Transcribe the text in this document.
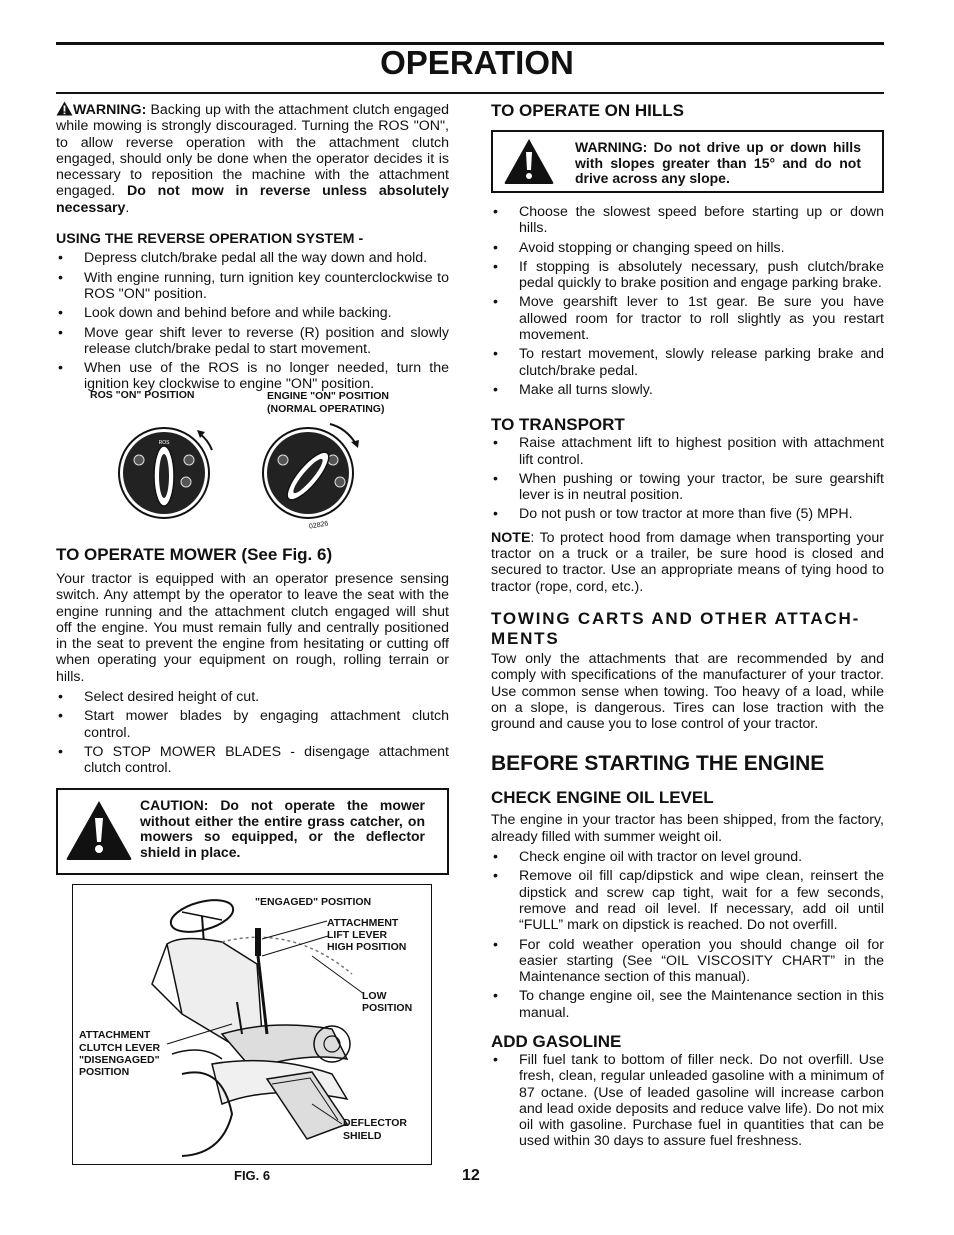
OPERATION

WARNING: Backing up with the attachment clutch engaged while mowing is strongly discouraged. Turning the ROS "ON", to allow reverse operation with the attachment clutch engaged, should only be done when the operator decides it is necessary to reposition the machine with the attachment engaged. Do not mow in reverse unless absolutely necessary.

USING THE REVERSE OPERATION SYSTEM -

• Depress clutch/brake pedal all the way down and hold.
• With engine running, turn ignition key counterclockwise to ROS "ON" position.
• Look down and behind before and while backing.
• Move gear shift lever to reverse (R) position and slowly release clutch/brake pedal to start movement.
• When use of the ROS is no longer needed, turn the ignition key clockwise to engine "ON" position.
ROS "ON" POSITION	ENGINE "ON" POSITION
(NORMAL OPERATING)
ROS
02826
TO OPERATE MOWER (See Fig. 6)

Your tractor is equipped with an operator presence sensing switch. Any attempt by the operator to leave the seat with the engine running and the attachment clutch engaged will shut off the engine. You must remain fully and centrally positioned in the seat to prevent the engine from hesitating or cutting off when operating your equipment on rough, rolling terrain or hills.

• Select desired height of cut.
• Start mower blades by engaging attachment clutch control.
• TO STOP MOWER BLADES - disengage attachment clutch control.

CAUTION: Do not operate the mower without either the entire grass catcher, on mowers so equipped, or the deflector shield in place.

"ENGAGED" POSITION
ATTACHMENT
LIFT LEVER
HIGH POSITION
LOW
POSITION
ATTACHMENT
CLUTCH LEVER
"DISENGAGED"
POSITION
DEFLECTOR
SHIELD
FIG. 6	12
TO OPERATE ON HILLS

WARNING: Do not drive up or down hills with slopes greater than 15° and do not drive across any slope.

• Choose the slowest speed before starting up or down hills.
• Avoid stopping or changing speed on hills.
• If stopping is absolutely necessary, push clutch/brake pedal quickly to brake position and engage parking brake.
• Move gearshift lever to 1st gear. Be sure you have allowed room for tractor to roll slightly as you restart movement.
• To restart movement, slowly release parking brake and clutch/brake pedal.
• Make all turns slowly.
TO TRANSPORT
• Raise attachment lift to highest position with attachment lift control.
• When pushing or towing your tractor, be sure gearshift lever is in neutral position.
• Do not push or tow tractor at more than five (5) MPH.

NOTE: To protect hood from damage when transporting your tractor on a truck or a trailer, be sure hood is closed and secured to tractor. Use an appropriate means of tying hood to tractor (rope, cord, etc.).

TOWING CARTS AND OTHER ATTACH-
MENTS

Tow only the attachments that are recommended by and comply with specifications of the manufacturer of your tractor. Use common sense when towing. Too heavy of a load, while on a slope, is dangerous. Tires can lose traction with the ground and cause you to lose control of your tractor.

BEFORE STARTING THE ENGINE
CHECK ENGINE OIL LEVEL

The engine in your tractor has been shipped, from the factory, already filled with summer weight oil.

• Check engine oil with tractor on level ground.
• Remove oil fill cap/dipstick and wipe clean, reinsert the dipstick and screw cap tight, wait for a few seconds, remove and read oil level. If necessary, add oil until “FULL” mark on dipstick is reached. Do not overfill.
• For cold weather operation you should change oil for easier starting (See “OIL VISCOSITY CHART” in the Maintenance section of this manual).
• To change engine oil, see the Maintenance section in this manual.
ADD GASOLINE
• Fill fuel tank to bottom of filler neck. Do not overfill. Use fresh, clean, regular unleaded gasoline with a minimum of 87 octane. (Use of leaded gasoline will increase carbon and lead oxide deposits and reduce valve life). Do not mix oil with gasoline. Purchase fuel in quantities that can be used within 30 days to assure fuel freshness.
